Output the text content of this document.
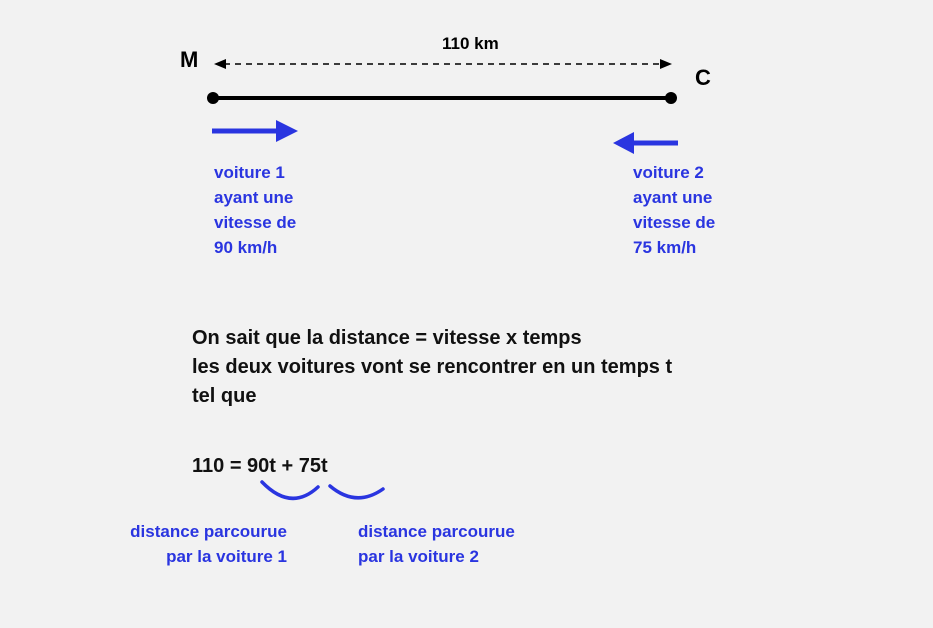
M
C
110 km
voiture 1
ayant une
vitesse de
90 km/h
voiture 2
ayant une
vitesse de
75 km/h
On sait que la distance = vitesse x temps
les deux voitures vont se rencontrer en un temps t
tel que
110 = 90t + 75t
distance parcourue
par la voiture 1
distance parcourue
par la voiture 2
